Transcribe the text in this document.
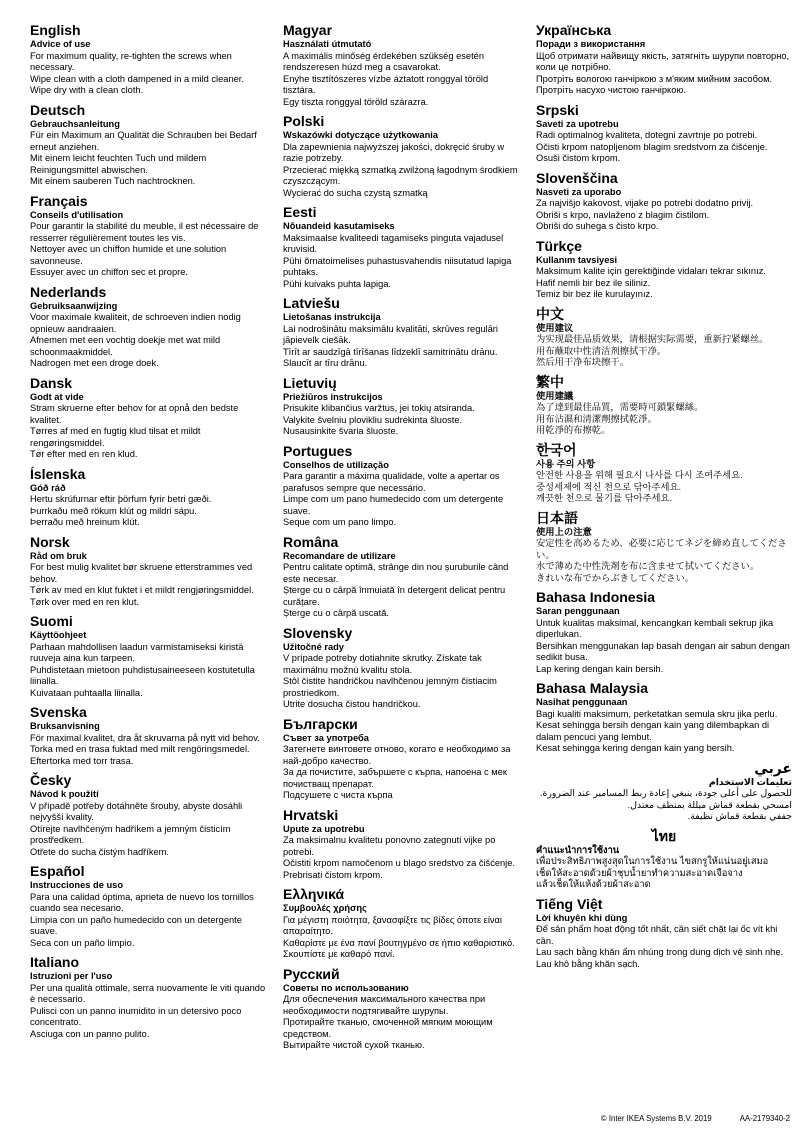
English
Advice of use

For maximum quality, re-tighten the screws when necessary.

Wipe clean with a cloth dampened in a mild cleaner.

Wipe dry with a clean cloth.

Deutsch
Gebrauchsanleitung

Für ein Maximum an Qualität die Schrauben bei Bedarf erneut anziehen.

Mit einem leicht feuchten Tuch und mildem Reinigungsmittel abwischen.

Mit einem sauberen Tuch nachtrocknen.

Français
Conseils d'utilisation

Pour garantir la stabilité du meuble, il est nécessaire de resserrer régulièrement toutes les vis.

Nettoyer avec un chiffon humide et une solution savonneuse.

Essuyer avec un chiffon sec et propre.

Nederlands
Gebruiksaanwijzing

Voor maximale kwaliteit, de schroeven indien nodig opnieuw aandraaien.

Afnemen met een vochtig doekje met wat mild schoonmaakmiddel.

Nadrogen met een droge doek.

Dansk
Godt at vide

Stram skruerne efter behov for at opnå den bedste kvalitet.

Tørres af med en fugtig klud tilsat et mildt rengøringsmiddel.

Tør efter med en ren klud.

Íslenska
Góð ráð

Hertu skrúfurnar eftir þörfum fyrir betri gæði.

Þurrkaðu með rökum klút og mildri sápu.

Þerraðu með hreinum klút.

Norsk
Råd om bruk

For best mulig kvalitet bør skruene etterstrammes ved behov.

Tørk av med en klut fuktet i et mildt rengjøringsmiddel.

Tørk over med en ren klut.

Suomi
Käyttöohjeet

Parhaan mahdollisen laadun varmistamiseksi kiristä ruuveja aina kun tarpeen.

Puhdistetaan mietoon puhdistusaineeseen kostutetulla liinalla.

Kuivataan puhtaalla liinalla.

Svenska
Bruksanvisning

För maximal kvalitet, dra åt skruvarna på nytt vid behov.

Torka med en trasa fuktad med milt rengöringsmedel.

Eftertorka med torr trasa.

Česky
Návod k použití

V případě potřeby dotáhněte šrouby, abyste dosáhli nejvyšší kvality.

Otírejte navlhčeným hadříkem a jemným čisticím prostředkem.

Otřete do sucha čistým hadříkem.

Español
Instrucciones de uso

Para una calidad óptima, aprieta de nuevo los tornillos cuando sea necesario.

Limpia con un paño humedecido con un detergente suave.

Seca con un paño limpio.

Italiano
Istruzioni per l'uso

Per una qualità ottimale, serra nuovamente le viti quando è necessario.

Pulisci con un panno inumidito in un detersivo poco concentrato.

Asciuga con un panno pulito.

Magyar
Használati útmutató

A maximális minőség érdekében szükség esetén rendszeresen húzd meg a csavarokat.

Enyhe tisztítószeres vízbe áztatott ronggyal töröld tisztára.

Egy tiszta ronggyal töröld szárazra.

Polski
Wskazówki dotyczące użytkowania

Dla zapewnienia najwyższej jakości, dokręcić śruby w razie potrzeby.

Przecierać miękką szmatką zwilżoną łagodnym środkiem czyszczącym.

Wycierać do sucha czystą szmatką

Eesti
Nõuandeid kasutamiseks

Maksimaalse kvaliteedi tagamiseks pinguta vajadusel kruvisid.

Pühi õrnatoimelises puhastusvahendis niisutatud lapiga puhtaks.

Pühi kuivaks puhta lapiga.

Latviešu
Lietošanas instrukcija

Lai nodrošinātu maksimālu kvalitāti, skrūves regulāri jāpievelk ciešāk.

Tīrīt ar saudzīgā tīrīšanas līdzeklī samitrinātu drānu.

Slaucīt ar tīru drānu.

Lietuvių
Priežiūros instrukcijos

Prisukite klibančius varžtus, jei tokių atsiranda.

Valykite švelniu plovikliu sudrėkinta šluoste.

Nusausinkite švaria šluoste.

Portugues
Conselhos de utilização

Para garantir a máxima qualidade, volte a apertar os parafusos sempre que necessário.

Limpe com um pano humedecido com um detergente suave.

Seque com um pano limpo.

Româna
Recomandare de utilizare

Pentru calitate optimă, strânge din nou șuruburile când este necesar.

Șterge cu o cârpă înmuiată în detergent delicat pentru curățare.

Șterge cu o cârpă uscată.

Slovensky
Užitočné rady

V prípade potreby dotiahnite skrutky. Získate tak maximálnu možnú kvalitu stola.

Stôl čistite handričkou navlhčenou jemným čistiacim prostriedkom.

Utrite dosucha čistou handričkou.

Български
Съвет за употреба

Затегнете винтовете отново, когато е необходимо за най-добро качество.

За да почистите, забършете с кърпа, напоена с мек почистващ препарат.

Подсушете с чиста кърпа

Hrvatski
Upute za upotrebu

Za maksimalnu kvalitetu ponovno zategnuti vijke po potrebi.

Očistiti krpom namočenom u blago sredstvo za čišćenje.

Prebrisati čistom krpom.

Ελληνικά
Συμβουλές χρήσης

Για μέγιστη ποιότητα, ξανασφίξτε τις βίδες όποτε είναι απαραίτητο.

Καθαρίστε με ένα πανί βουτηγμένο σε ήπιο καθαριστικό.

Σκουπίστε με καθαρό πανί.

Русский
Советы по использованию

Для обеспечения максимального качества при необходимости подтягивайте шурупы.

Протирайте тканью, смоченной мягким моющим средством.

Вытирайте чистой сухой тканью.

Українська
Поради з використання

Щоб отримати найвищу якість, затягніть шурупи повторно, коли це потрібно.

Протріть вологою ганчіркою з м'яким мийним засобом.

Протріть насухо чистою ганчіркою.

Srpski
Saveti za upotrebu

Radi optimalnog kvaliteta, dotegni zavrtnje po potrebi.

Očisti krpom natopljenom blagim sredstvom za čišćenje.

Osuši čistom krpom.

Slovenščina
Nasveti za uporabo

Za najvišjo kakovost, vijake po potrebi dodatno privij.

Obriši s krpo, navlaženo z blagim čistilom.

Obriši do suhega s čisto krpo.

Türkçe
Kullanım tavsiyesi

Maksimum kalite için gerektiğinde vidaları tekrar sıkınız.

Hafif nemli bir bez ile siliniz.

Temiz bir bez ile kurulayınız.

中文
使用建议

为实现最佳品质效果，请根据实际需要，重新拧紧螺丝。

用布蘸取中性清洁剂擦拭干净。

然后用干净布块擦干。

繁中
使用建議

為了達到最佳品質，需要時可鎖緊螺絲。

用布沾濕和清潔劑擦拭乾淨。

用乾淨的布擦乾。

한국어
사용 주의 사항

안전한 사용을 위해 필요시 나사를 다시 조여주세요.

중성세제에 적신 천으로 닦아주세요.

깨끗한 천으로 물기를 닦아주세요.

日本語
使用上の注意

安定性を高めるため、必要に応じてネジを締め直してください。

水で薄めた中性洗剤を布に含ませて拭いてください。

きれいな布でからぶきしてください。

Bahasa Indonesia
Saran penggunaan

Untuk kualitas maksimal, kencangkan kembali sekrup jika diperlukan.

Bersihkan menggunakan lap basah dengan air sabun dengan sedikit busa.

Lap kering dengan kain bersih.

Bahasa Malaysia
Nasihat penggunaan

Bagi kualiti maksimum, perketatkan semula skru jika perlu.

Kesat sehingga bersih dengan kain yang dilembapkan di dalam pencuci yang lembut.

Kesat sehingga kering dengan kain yang bersih.

عربي
تعليمات الاستخدام

للحصول على أعلى جودة، ينبغي إعادة ربط المسامير عند الضرورة.

امسحي بقطعة قماش مبللة بمنظف معتدل.

جففي بقطعة قماش نظيفة.

ไทย
คำแนะนำการใช้งาน

เพื่อประสิทธิภาพสูงสุดในการใช้งาน ไขสกรูให้แน่นอยู่เสมอ

เช็ดให้สะอาดด้วยผ้าชุบน้ำยาทำความสะอาดเจือจาง

แล้วเช็ดให้แห้งด้วยผ้าสะอาด

Tiếng Việt
Lời khuyên khi dùng

Để sản phẩm hoạt động tốt nhất, cần siết chặt lại ốc vít khi cần.

Lau sạch bằng khăn ẩm nhúng trong dung dịch vệ sinh nhẹ.

Lau khô bằng khăn sạch.

© Inter IKEA Systems B.V. 2019	AA-2179340-2
